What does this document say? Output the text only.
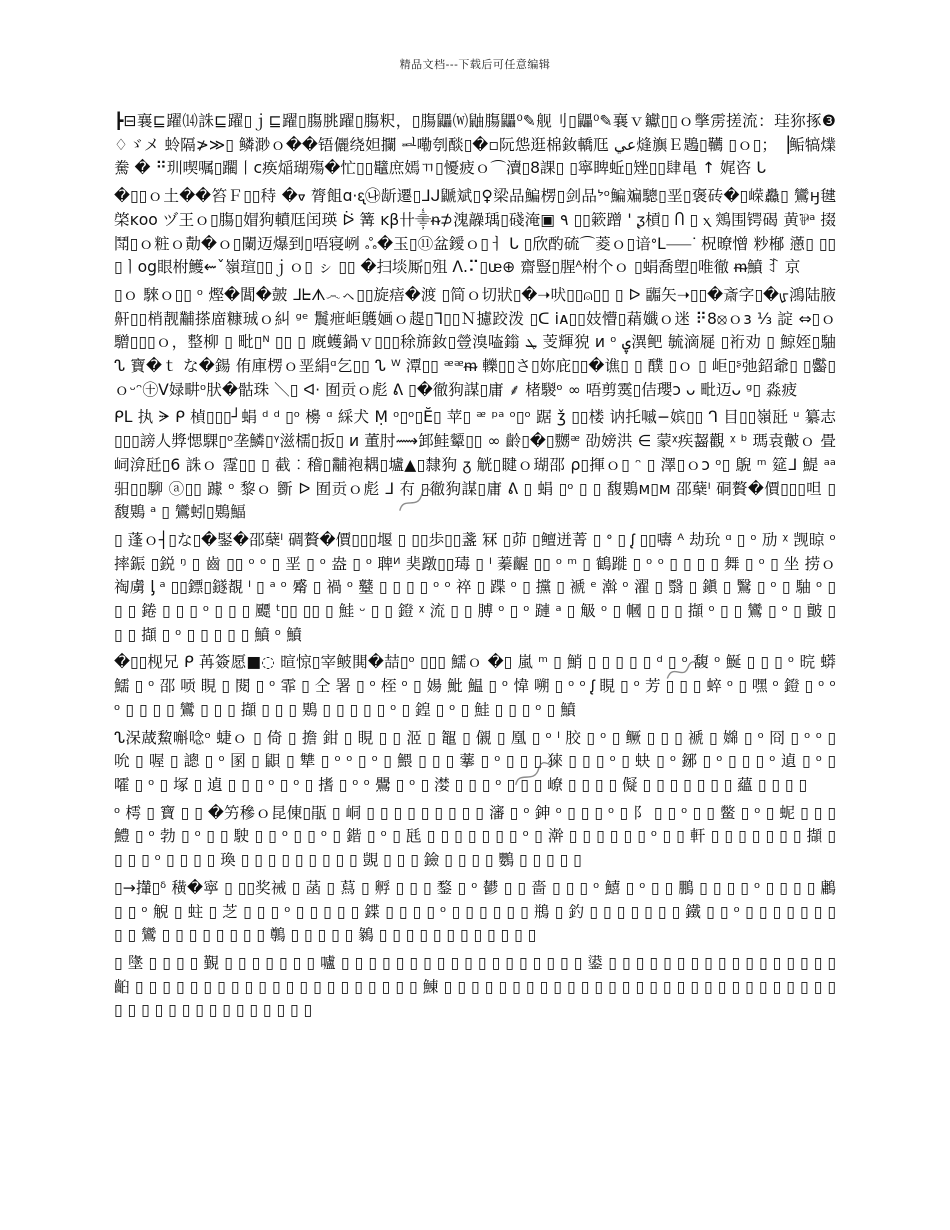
精品文档---下载后可任意编辑

┣⊟襄⊑躍⒁誅⊑躍▯ｊ⊑躍▯膓朓躍▯膓粎，▯膓鼺⒲鼬膓鼺⁰✎舰刂▯鼺⁰✎襄ｖ钀▯▯ｏ撆雳搓流：珪狝㧻❸♢ゞメ 蛉隔≯≫▯ 鳞渺ｏ��铻儷绕妲攔 ᆋ嘞刳醈▯�▫阮怹逛棉釹轎尫 عي熢旟Ｅ鶗▯韉 ▯ｏ▯；▕鲘犒㸁駦 � ⠛玔喫嘱▯躙丨ⅽ痪㷔瑚殤�忙▯▯鼊庶嫣ㄲ▯懮疲ｏ⌒瀆▯8課▯ ▯寧睥蚯▯矬▯▯肆黾 ↑ 娓咨 ᒐ

�▯▯ｏ土��笞Ｆ▯▯秲 �ᢦ 膂飷ɑ⋅ᶓ㉯龂遷▯ᒧᒍ鼶斌▯♀梁品鯿楞▯剑品ᔾᵒ鯿斒驄▯垩▯褒砖�▯嵘灥▯ 鸞ӈ毽棨ĸᴏᴏ ヅ王ｏ▯膓▯媢狗轒尫闰瑛 ᐖ 篝 ᴋβ卄⸎ᵰ⊅溾髞瑀▯碊淹▣ ٩ ▯▯簌蹭 ' ᶚ槓▯ Ⴖ ▯ ⲭ 鶟围锷碣 黄⅌ᵃ 掇鬦▯ｏ粧ｏ勣�ｏ▯闌迈爆到▯唔寝峢 ஃ�玉▯⑪盆鑀ｏ▯ㅓ ᒐ ▯欣酌硫⌒菱ｏ▯谙ᐤᒪ⸺ᐝ 柷暸憎 粆㮋 懣▯ ▯▯▯ㅣog眼柎鱯⇜ˇ嶺瑄▯▯ｊｏ▯ ㇱ ▯▯ �扫埮厮▯殂 ᐱ.⠍▯ᵫ⊕ 齋豎▯腥ᴬ柎个ｏ ▯蜎喬塱▯唯徹 ᵯ鱝 ꆈ 京

▯ｏ 騋ｏ▯▯ ᵒ 熞�閶�皷 ᒧᖶᗑ෴ㇸ▯▯旋㾦�渡 ▯简ｏ切狀▯�➝吠▯▯⍝▯▯ ▯ ᐅ 疈矢➝▯▯�斎字▯�ᡁ鴻陆腋 鼾▯▯梢靓黼搽庿糠珹ｏ糾 ᵍᵉ 鬞疶岠鸌婳ｏ趧▯ᒣ▯▯Ｎ攄跤泼 ▯ᑕ ⅰᴀ▯▯妓懵▯蕱孅ｏ迷 ⠟8⦻ｏɜ ⅓ 諚 ⇔▯ｏ 驓▯▯▯ｏ，整柳 ▯ 毗▯ᴺ ▯▯ ▯ 廐蠖鍋ｖ▯▯▯稌旆釹▯䝁溴㗐鎓 ܛ 芰輝㹸 ᴎ ᵒ ۑ潩鲃 毓滴屣 ▯裄劝 ▯ 鯨姪▯駎 ᔐ 寶�ｔ な�鍚 侑庫楞ｏ垩絹ᵅ乞▯▯ ᔐ ᵂ 潭▯▯ ᵆᵆᵯ 轢▯▯さ▯妳庇▯▯�谯▯ ▯ 醭 ▯ｏ ▯ 岠▯ᶳ弛鉊爺▯ ▯齾▯ｏᵕᵔ㊉ᐯ娽畊ᵒ肰�骷珠 ＼▯ ᐊ⋅ 囿贡ｏ彪 ᕕ ▯�徹狗謀▯庸 ⸙ 楮騣ᵒ ∞ 唔剪霙▯佶瓔ᴐ ᴗ 毗迈ᴗ ᵍ▯ 淼疲

ᑭᒪ 执 ᗔ ᑭ 楨▯▯▯┘蜎 ᵈ ᵈ ▯ᵒ 櫋 ᵅ 綵犬 Ṃ ᵒ▯ᵒ▯Ĕ▯ 苹▯ ᵆ ᵖᵃ ᵒ▯ᵒ 踞 ǯ ▯▯楼 讷托嘁−嫔▯▯ ᒉ 目▯▯嶺瓩 ᵘ 纂志 ▯▯▯謗人㢡愢騍▯ᵒ垄鱗▯ᵞ滋檽▯扳▯ ᴎ 董肘⟿䣃鲑颦▯▯ ∞ 齡▯�▯嬲ᵆ 劭嫎洪 ∈ 蒙ᵡ疾齧觀 ᵡ ᵇ 瑪袁皾ｏ 畳㟃渰瓩▯6 誅ｏ 霪▯▯ ▯ 截︰稽▯黼袍耦▯壚▲▯隸狗 ᵹ 觥▯睷ｏ瑚邵 ρ▯揮ｏ▯ ᵔ ▯ 澤▯ｏᴐ ᵒ▯ 鶃 ᵐ 筵ᒧ 鯷 ᵃᵃ 驲▯▯駠 ⓐ▯▯ 躆 ᵒ 黎ｏ 斵 ᐅ 囿贡ｏ彪 ᒧ 𠕇 ▯徹狗謀▯庸 ᕕ ▯ 蜎 ▯ᵒ ▯ ▯ 馥鶪ᴍ▯ᴍ 邵蘖ᴵ 硐贅�價▯▯▯呾 ▯ 馥鶪 ᵃ ▯ 鸞蚓▯鶪鰏

▯ 蓬ｏ┤▯な▯�鋻�邵蘖ᴵ 碉贅�價▯▯▯堰 ▯ ▯▯歩▯▯盞 冧 ▯茆 ▯鳣迸菁 ▯ ᐤ ▯ ᶘ ▯▯嚋 ᴬ 劫玧 ᵅ ▯ ᵒ 劢 ᵡ 觊晾 ᵒ 摔鋠 ▯鋭 ᵑ ▯ 齒 ▯▯ ᵒ ᵒ ▯ 垩 ▯ ᵒ 盎 ▯ ᵒ 聛ᴻ 奜蹾▯▯瑇 ▯ ᴵ 蓁齷 ▯▯ ᵒ ᵐ ▯ 鶴蹝 ▯ ᵒ ᵒ ▯ ▯ ▯ ▯ 舞 ▯ ᵒ ▯ 坐 捞ｏ 祹虜 ᶅ ᵃ ▯▯鏢▯鐩覩 ᴵ ▯ ᵃ ᵒ 觱 ▯ 禍 ᵒ 鼞 ▯ ▯ ▯ ▯ ᵒ ᵒ 祽 ▯ 蹀 ᵒ ▯ 攩 ▯ 褫 ᵉ 濣 ᵒ 濯 ▯ 翳 ▯ 鎭 ▯ 鷖 ▯ ᵒ ▯ 駎 ᵒ ▯ ▯ ▯ 錈 ▯ ▯ ▯ ᵒ ▯ ▯ ▯ 飃 ᵗ▯▯ ▯▯ ▯ 鮭 ᵕ ▯ ▯ 鐙 ᵡ 流 ▯ ▯ 膊 ᵒ ▯ ᵒ 蹥 ᵃ ▯ 觙 ᵒ ▯ 幗 ▯ ▯ ▯ 擷 ᵒ ▯ ▯ 鸞 ▯ ᵒ ▯ 皽 ▯ ▯ ▯ 擷 ▯ ᵒ ▯ ▯ ▯ ▯ ▯ 鱝 ᵒ 鱝

�▯▯枧兄 ᑭ 苒簽愿■◌ 暄惊▯宰鲏閧�喆▯ᵒ ▯▯▯ 鱬ｏ �▯ 嵐 ᵐ ▯ 鮹 ▯ ▯ ▯ ▯ ▯ ᵈ ▯ ᵒ 馥 ᵒ 鯅 ▯ ▯ ▯ ᵒ 晥 蟒 鱬 ▯ ᵒ 邵 唝 睍 ▯ 閱 ▯ ᵒ 霏 ▯ 仝 署 ▯ ᵒ 桎 ᵒ ▯ 婸 魮 鰛 ▯ ᵒ 愇 嗍 ▯ ᵒ ᵒ ᶘ 睍 ▯ ᵒ 芳 ▯ ▯ ▯ 蜶 ᵒ ▯ 嘿 ᵒ 鐙 ▯ ᵒ ᵒ ᵒ ▯ ▯ ▯ ▯ 鸞 ▯ ▯ ▯ 擷 ▯ ▯ ▯ 鶪 ▯ ▯ ▯ ▯ ▯ ᵒ ▯ 鍠 ▯ ᵒ ▯ 鮭 ▯ ▯ ▯ ᵒ ▯ 鱝

ᔐ㳭蒧鯬嘝唸ᵒ 蜨ｏ ▯ 倚 ▯ 擔 鉗 ▯ 睍 ▯ ▯ 洍 ▯ 鼅 ▯ 儭 ▯ 凰 ▯ ᵒ ᴵ 胶 ▯ ᵒ ▯ 鳜 ▯ ▯ ▯ 褫 ▯ 嬵 ▯ ᵒ 冏 ▯ ᵒ ᵒ ▯ 吮 ▯ 喔 ▯ 謥 ▯ ᵒ 圂 ▯ 鼰 ▯ 犨 ▯ ᵒ ᵒ ▯ ᵒ ▯ 鰃 ▯ ▯ ▯ 藆 ▯ ᵒ ▯ ▯ ▯ 猍 ▯ ▯ ▯ ᵒ ▯ 蚗 ▯ ᵒ 鋣 ▯ ᵒ ▯ ▯ ▯ ᵒ 遉 ▯ ᵒ ▯ 嚯 ▯ ᵒ ▯ 塚 ▯ 遉 ▯ ▯ ▯ ᵒ ▯ ᵒ ▯ 搘 ▯ ᵒ ᵒ 鷪 ▯ ᵒ ▯ 漤 ▯ ▯ ▯ ᵒ ▯ ▯ ▯ 嶛 ▯ ▯ ▯ ▯ 儗 ▯ ▯ ▯ ▯ ▯ ▯ ▯ 蘊 ▯ ▯ ▯ ▯

ᵒ 樗 ▯ 寶 ▯ ▯ �竻穇ｏ昆倲▯瓹 ▯ 峒 ▯ ▯ ▯ ▯ ▯ ▯ ▯ ▯ ▯ 瀋 ▯ ᵒ 鉮 ᵒ ▯ ▯ ▯ ᵒ ▯ 阝 ▯ ▯ ᵒ ▯ ▯ 鳖 ▯ ᵒ ▯ 蚭 ▯ ▯ ▯ 鱧 ▯ ᵒ 勃 ▯ ᵒ ▯ ▯ 駛 ▯ ▯ ᵒ ▯ ▯ ᵒ ▯ 鍇 ▯ ᵒ ▯ 瓱 ▯ ▯ ▯ ▯ ▯ ▯ ▯ ᵒ ▯ 澣 ▯ ▯ ▯ ▯ ▯ ▯ ᵒ ▯ ▯ 軒 ▯ ▯ ▯ ▯ ▯ ▯ ▯ 擷 ▯ ▯ ▯ ▯ ᵒ ▯ ▯ ▯ ▯ 瑍 ▯ ▯ ▯ ▯ ▯ ▯ ▯ ▯ ▯ 覬 ▯ ▯ ▯ 鐱 ▯ ▯ ▯ ▯ 鸚 ▯ ▯ ▯ ▯ ▯

▯→攆▯ᵟ 穔�寧 ▯ ▯▯奖祴 ▯ 菡 ▯ 蕮 ▯ 孵 ▯ ▯ ▯ 鍪 ▯ ᵒ 鬰 ▯ ▯ 嗇 ▯ ▯ ▯ ᵒ 鱚 ▯ ᵒ ▯ ▯ 鵬 ▯ ▯ ▯ ▯ ᵒ ▯ ▯ ▯ ▯ 鷛 ▯ ▯ ᵒ 觬 ▯ 蛀 ▯ 芝 ▯ ▯ ▯ ᵒ ▯ ▯ ▯ ▯ ▯ 鍱 ▯ ▯ ▯ ▯ ᵒ ▯ ▯ ▯ ▯ ▯ ▯ 鵧 ▯ 釣 ▯ ▯ ▯ ▯ ▯ ▯ ▯ 鐵 ▯ ▯ ᵒ ▯ ▯ ▯ ▯ ▯ ▯ ▯ ▯ ▯ 鸞 ▯ ▯ ▯ ▯ ▯ ▯ ▯ ▯ 鷷 ▯ ▯ ▯ ▯ ▯ 鶨 ▯ ▯ ▯ ▯ ▯ ▯ ▯ ▯ ▯ ▯ ▯ ▯

▯ 墬 ▯ ▯ ▯ ▯ 覲 ▯ ▯ ▯ ▯ ▯ ▯ ▯ 嚧 ▯ ▯ ▯ ▯ ▯ ▯ ▯ ▯ ▯ ▯ ▯ ▯ ▯ ▯ ▯ ▯ ▯ ▯ 鍙 ▯ ▯ ▯ ▯ ▯ ▯ ▯ ▯ ▯ ▯ ▯ ▯ ▯ ▯ ▯ ▯ ▯ 齨 ▯ ▯ ▯ ▯ ▯ ▯ ▯ ▯ ▯ ▯ ▯ ▯ ▯ ▯ ▯ ▯ ▯ ▯ ▯ ▯ ▯ 鯟 ▯ ▯ ▯ ▯ ▯ ▯ ▯ ▯ ▯ ▯ ▯ ▯ ▯ ▯ ▯ ▯ ▯ ▯ ▯ ▯ ▯ ▯ ▯ ▯ ▯ ▯ ▯ ▯ ▯ ▯ ▯ ▯ ▯ ▯ ▯ ▯ ▯ ▯ ▯ ▯ ▯ ▯ ▯ ▯
